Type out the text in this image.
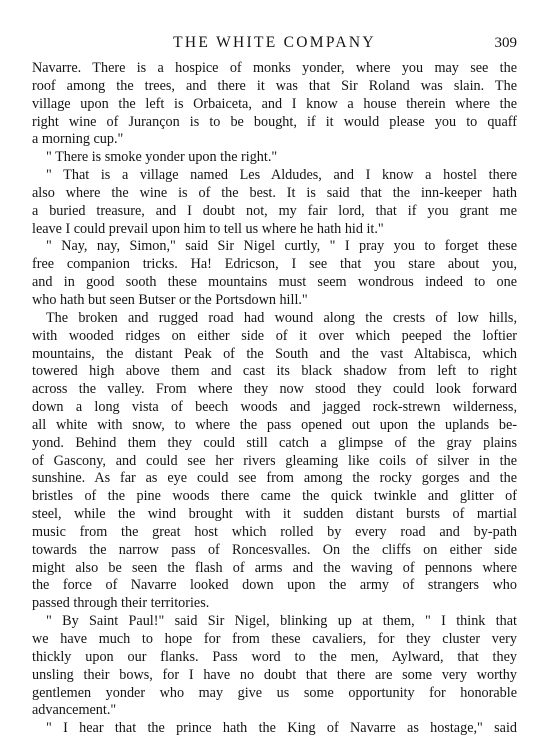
THE WHITE COMPANY	309
Navarre. There is a hospice of monks yonder, where you may see the
roof among the trees, and there it was that Sir Roland was slain. The
village upon the left is Orbaiceta, and I know a house therein where the
right wine of Jurançon is to be bought, if it would please you to quaff
a morning cup."
" There is smoke yonder upon the right."
" That is a village named Les Aldudes, and I know a hostel there
also where the wine is of the best. It is said that the inn-keeper hath
a buried treasure, and I doubt not, my fair lord, that if you grant me
leave I could prevail upon him to tell us where he hath hid it."
" Nay, nay, Simon," said Sir Nigel curtly, " I pray you to forget these
free companion tricks. Ha! Edricson, I see that you stare about you,
and in good sooth these mountains must seem wondrous indeed to one
who hath but seen Butser or the Portsdown hill."
The broken and rugged road had wound along the crests of low hills,
with wooded ridges on either side of it over which peeped the loftier
mountains, the distant Peak of the South and the vast Altabisca, which
towered high above them and cast its black shadow from left to right
across the valley. From where they now stood they could look forward
down a long vista of beech woods and jagged rock-strewn wilderness,
all white with snow, to where the pass opened out upon the uplands be-
yond. Behind them they could still catch a glimpse of the gray plains
of Gascony, and could see her rivers gleaming like coils of silver in the
sunshine. As far as eye could see from among the rocky gorges and the
bristles of the pine woods there came the quick twinkle and glitter of
steel, while the wind brought with it sudden distant bursts of martial
music from the great host which rolled by every road and by-path
towards the narrow pass of Roncesvalles. On the cliffs on either side
might also be seen the flash of arms and the waving of pennons where
the force of Navarre looked down upon the army of strangers who
passed through their territories.
" By Saint Paul!" said Sir Nigel, blinking up at them, " I think that
we have much to hope for from these cavaliers, for they cluster very
thickly upon our flanks. Pass word to the men, Aylward, that they
unsling their bows, for I have no doubt that there are some very worthy
gentlemen yonder who may give us some opportunity for honorable
advancement."
" I hear that the prince hath the King of Navarre as hostage," said
